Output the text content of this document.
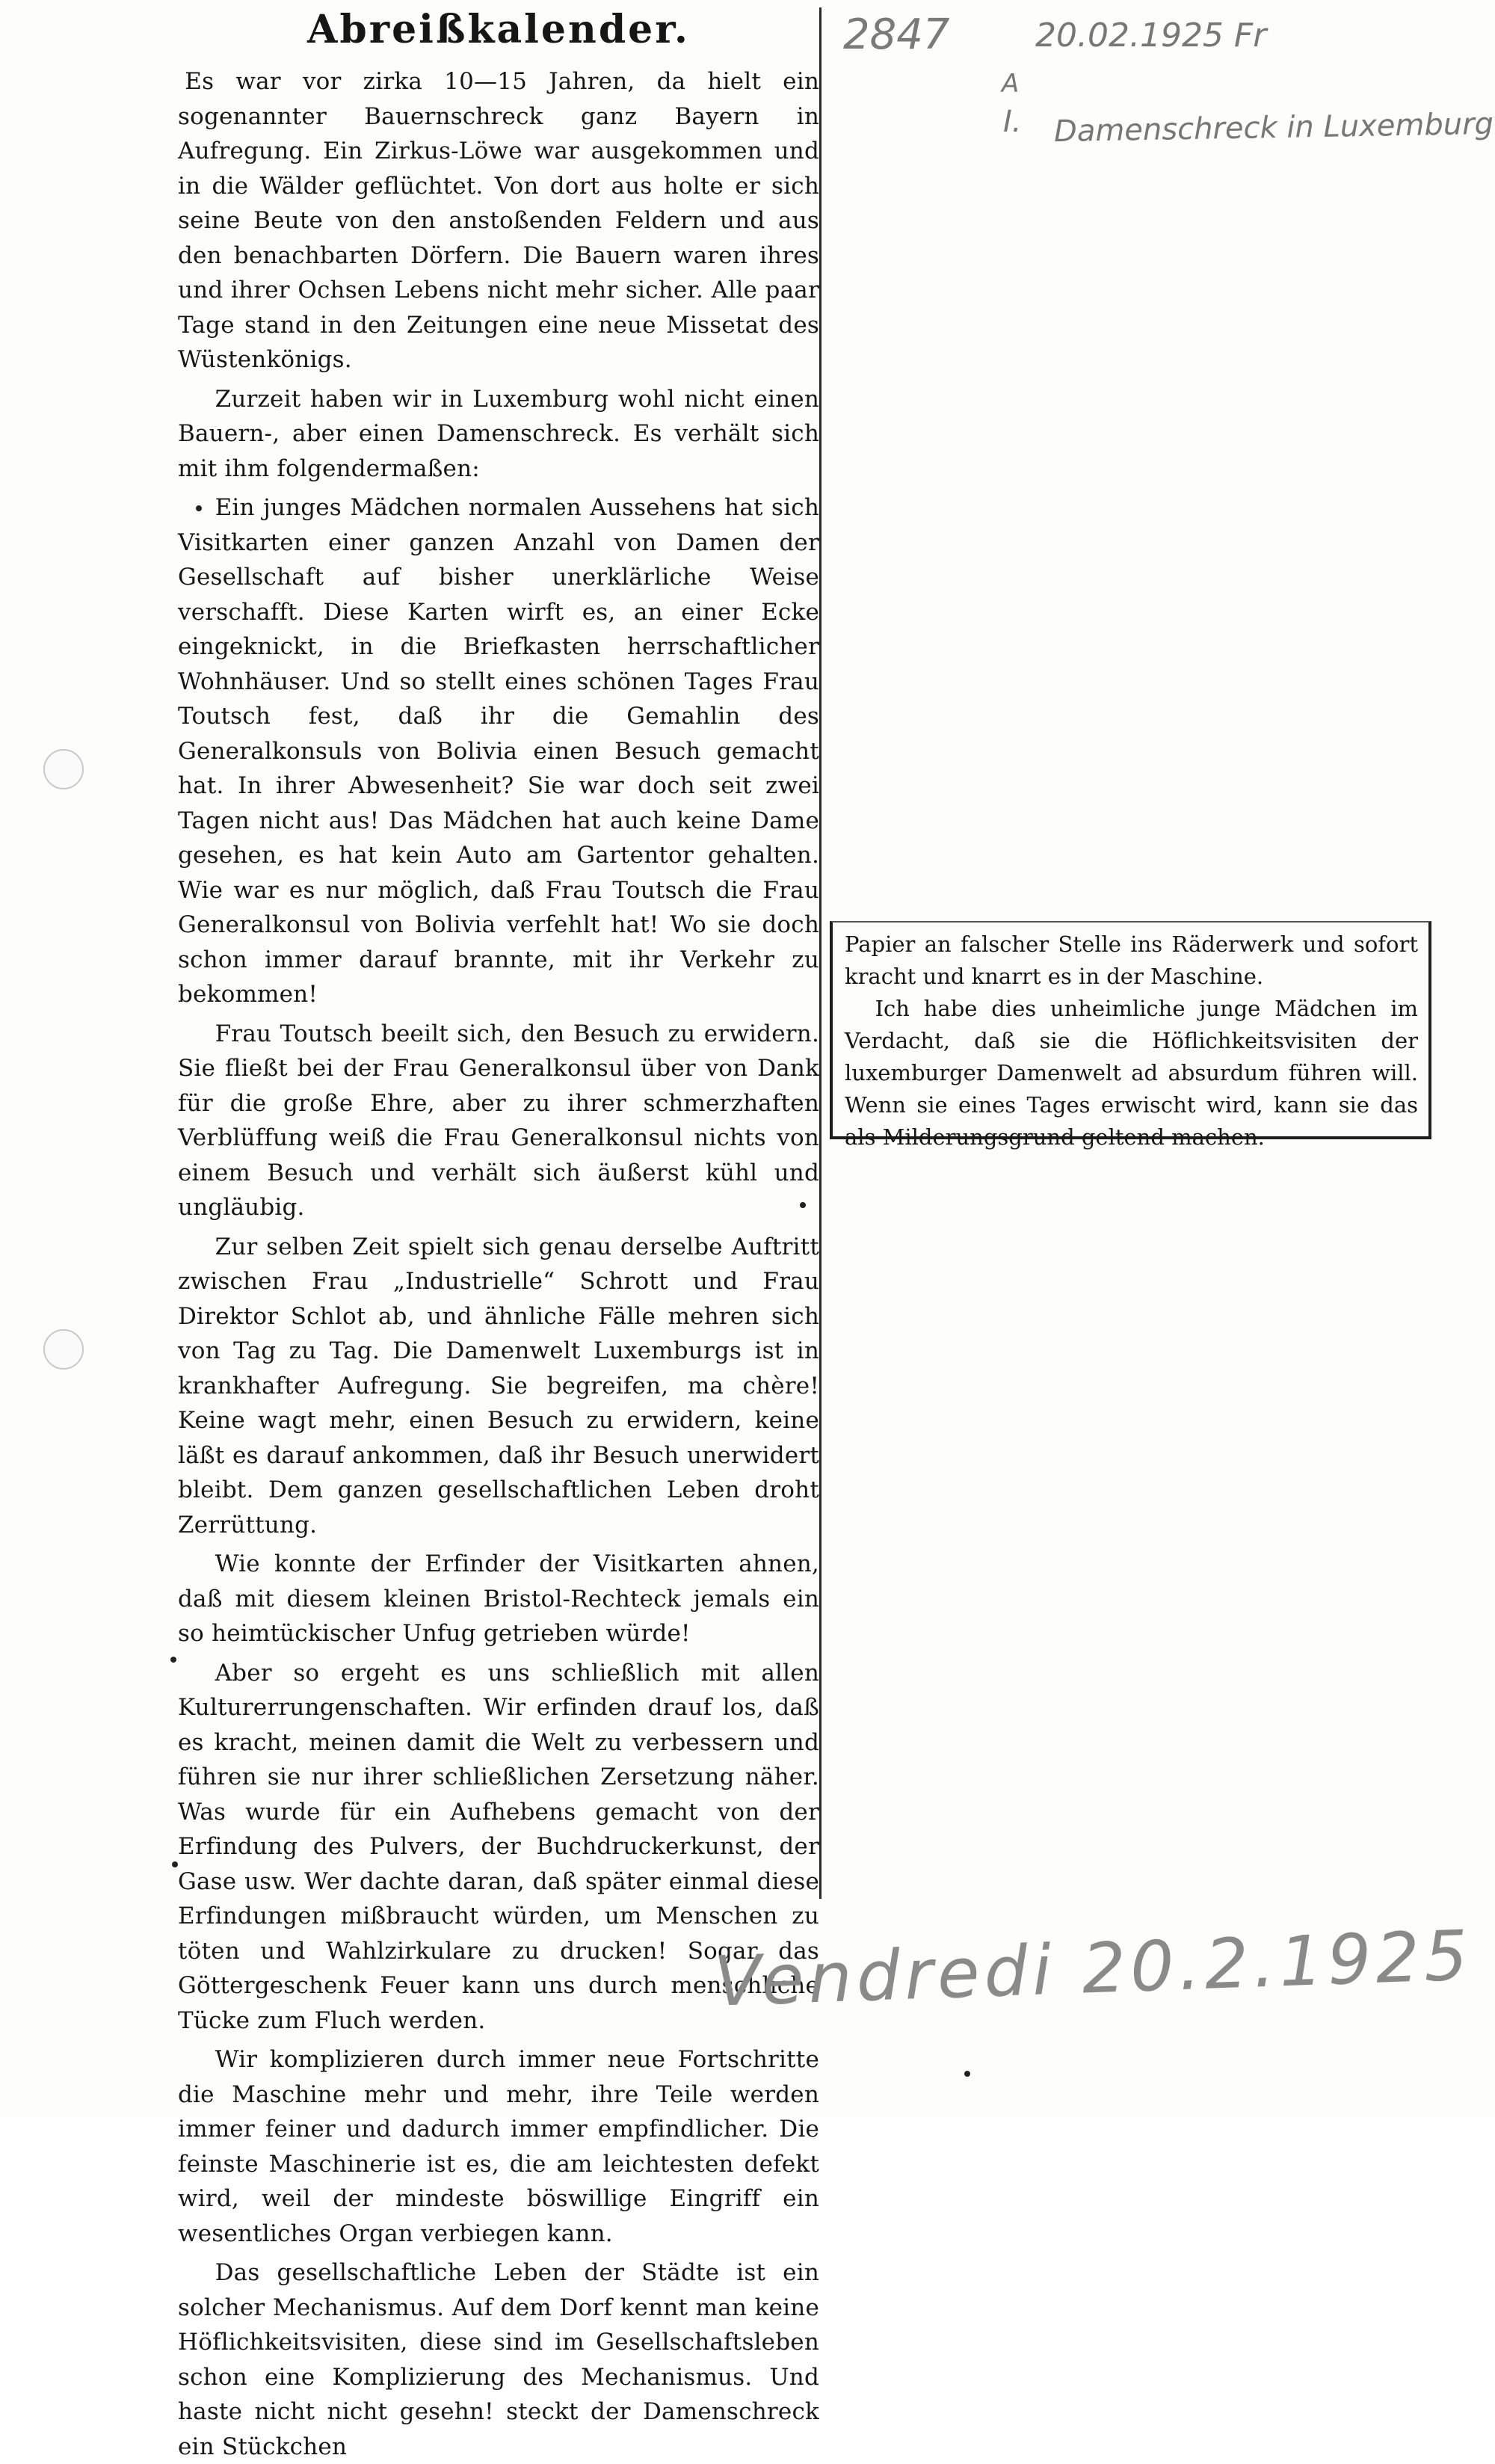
Abreißkalender.

Es war vor zirka 10—15 Jahren, da hielt ein sogenannter Bauernschreck ganz Bayern in Aufregung. Ein Zirkus-Löwe war ausgekommen und in die Wälder geflüchtet. Von dort aus holte er sich seine Beute von den anstoßenden Feldern und aus den benachbarten Dörfern. Die Bauern waren ihres und ihrer Ochsen Lebens nicht mehr sicher. Alle paar Tage stand in den Zeitungen eine neue Missetat des Wüstenkönigs.

Zurzeit haben wir in Luxemburg wohl nicht einen Bauern-, aber einen Damenschreck. Es verhält sich mit ihm folgendermaßen:

Ein junges Mädchen normalen Aussehens hat sich Visitkarten einer ganzen Anzahl von Damen der Gesellschaft auf bisher unerklärliche Weise verschafft. Diese Karten wirft es, an einer Ecke eingeknickt, in die Briefkasten herrschaftlicher Wohnhäuser. Und so stellt eines schönen Tages Frau Toutsch fest, daß ihr die Gemahlin des Generalkonsuls von Bolivia einen Besuch gemacht hat. In ihrer Abwesenheit? Sie war doch seit zwei Tagen nicht aus! Das Mädchen hat auch keine Dame gesehen, es hat kein Auto am Gartentor gehalten. Wie war es nur möglich, daß Frau Toutsch die Frau Generalkonsul von Bolivia verfehlt hat! Wo sie doch schon immer darauf brannte, mit ihr Verkehr zu bekommen!

Frau Toutsch beeilt sich, den Besuch zu erwidern. Sie fließt bei der Frau Generalkonsul über von Dank für die große Ehre, aber zu ihrer schmerzhaften Verblüffung weiß die Frau Generalkonsul nichts von einem Besuch und verhält sich äußerst kühl und ungläubig.

Zur selben Zeit spielt sich genau derselbe Auftritt zwischen Frau „Industrielle“ Schrott und Frau Direktor Schlot ab, und ähnliche Fälle mehren sich von Tag zu Tag. Die Damenwelt Luxemburgs ist in krankhafter Aufregung. Sie begreifen, ma chère! Keine wagt mehr, einen Besuch zu erwidern, keine läßt es darauf ankommen, daß ihr Besuch unerwidert bleibt. Dem ganzen gesellschaftlichen Leben droht Zerrüttung.

Wie konnte der Erfinder der Visitkarten ahnen, daß mit diesem kleinen Bristol-Rechteck jemals ein so heimtückischer Unfug getrieben würde!

Aber so ergeht es uns schließlich mit allen Kulturerrungenschaften. Wir erfinden drauf los, daß es kracht, meinen damit die Welt zu verbessern und führen sie nur ihrer schließlichen Zersetzung näher. Was wurde für ein Aufhebens gemacht von der Erfindung des Pulvers, der Buchdruckerkunst, der Gase usw. Wer dachte daran, daß später einmal diese Erfindungen mißbraucht würden, um Menschen zu töten und Wahlzirkulare zu drucken! Sogar das Göttergeschenk Feuer kann uns durch menschliche Tücke zum Fluch werden.

Wir komplizieren durch immer neue Fortschritte die Maschine mehr und mehr, ihre Teile werden immer feiner und dadurch immer empfindlicher. Die feinste Maschinerie ist es, die am leichtesten defekt wird, weil der mindeste böswillige Eingriff ein wesentliches Organ verbiegen kann.

Das gesellschaftliche Leben der Städte ist ein solcher Mechanismus. Auf dem Dorf kennt man keine Höflichkeitsvisiten, diese sind im Gesellschaftsleben schon eine Komplizierung des Mechanismus. Und haste nicht nicht gesehn! steckt der Damenschreck ein Stückchen

Papier an falscher Stelle ins Räderwerk und sofort kracht und knarrt es in der Maschine.

Ich habe dies unheimliche junge Mädchen im Verdacht, daß sie die Höflichkeitsvisiten der luxemburger Damenwelt ad absurdum führen will. Wenn sie eines Tages erwischt wird, kann sie das als Milderungsgrund geltend machen.

2847	20.02.1925 Fr
A
I. Damenschreck in Luxemburg
Vendredi 20.2.1925
